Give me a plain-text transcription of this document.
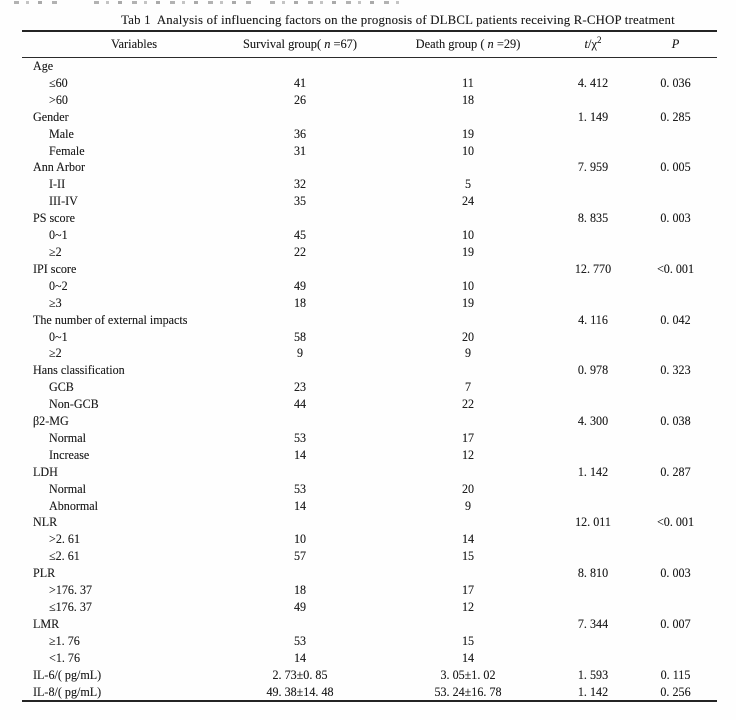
Tab 1  Analysis of influencing factors on the prognosis of DLBCL patients receiving R-CHOP treatment
Variables	Survival group( n =67)	Death group ( n =29)	$t/\chi^2$	P
Age				
≤60	41	11	4. 412	0. 036
>60	26	18		
Gender			1. 149	0. 285
Male	36	19		
Female	31	10		
Ann Arbor			7. 959	0. 005
I-II	32	5		
III-IV	35	24		
PS score			8. 835	0. 003
0~1	45	10		
≥2	22	19		
IPI score			12. 770	<0. 001
0~2	49	10		
≥3	18	19		
The number of external impacts			4. 116	0. 042
0~1	58	20		
≥2	9	9		
Hans classification			0. 978	0. 323
GCB	23	7		
Non-GCB	44	22		
β2-MG			4. 300	0. 038
Normal	53	17		
Increase	14	12		
LDH			1. 142	0. 287
Normal	53	20		
Abnormal	14	9		
NLR			12. 011	<0. 001
>2. 61	10	14		
≤2. 61	57	15		
PLR			8. 810	0. 003
>176. 37	18	17		
≤176. 37	49	12		
LMR			7. 344	0. 007
≥1. 76	53	15		
<1. 76	14	14		
IL-6/( pg/mL)	2. 73±0. 85	3. 05±1. 02	1. 593	0. 115
IL-8/( pg/mL)	49. 38±14. 48	53. 24±16. 78	1. 142	0. 256
